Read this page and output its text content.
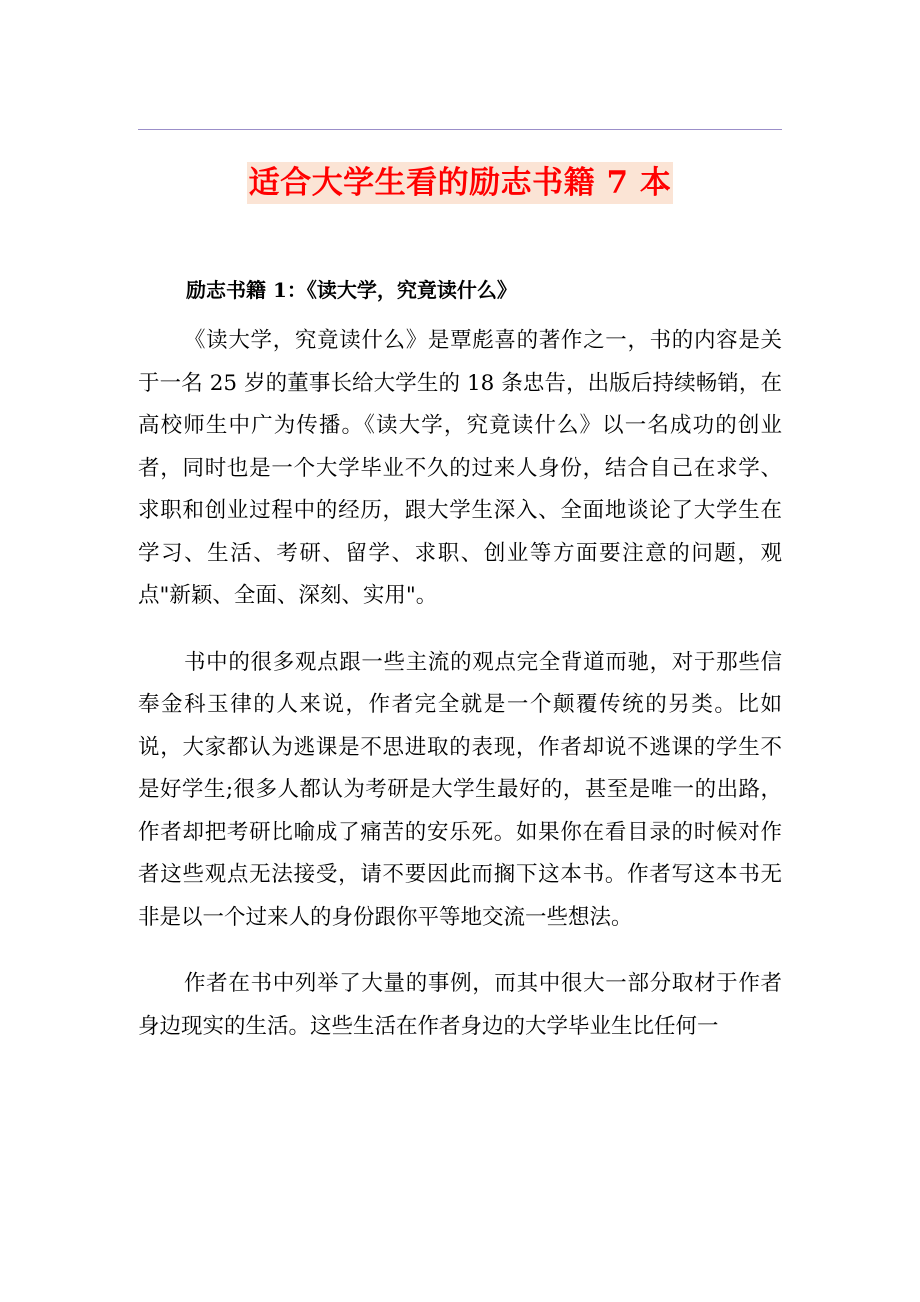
适合大学生看的励志书籍 7 本
励志书籍 1：《读大学，究竟读什么》

《读大学，究竟读什么》是覃彪喜的著作之一，书的内容是关于一名 25 岁的董事长给大学生的 18 条忠告，出版后持续畅销，在高校师生中广为传播。《读大学，究竟读什么》以一名成功的创业者，同时也是一个大学毕业不久的过来人身份，结合自己在求学、求职和创业过程中的经历，跟大学生深入、全面地谈论了大学生在学习、生活、考研、留学、求职、创业等方面要注意的问题，观点"新颖、全面、深刻、实用"。

书中的很多观点跟一些主流的观点完全背道而驰，对于那些信奉金科玉律的人来说，作者完全就是一个颠覆传统的另类。比如说，大家都认为逃课是不思进取的表现，作者却说不逃课的学生不是好学生;很多人都认为考研是大学生最好的，甚至是唯一的出路，作者却把考研比喻成了痛苦的安乐死。如果你在看目录的时候对作者这些观点无法接受，请不要因此而搁下这本书。作者写这本书无非是以一个过来人的身份跟你平等地交流一些想法。

作者在书中列举了大量的事例，而其中很大一部分取材于作者身边现实的生活。这些生活在作者身边的大学毕业生比任何一
